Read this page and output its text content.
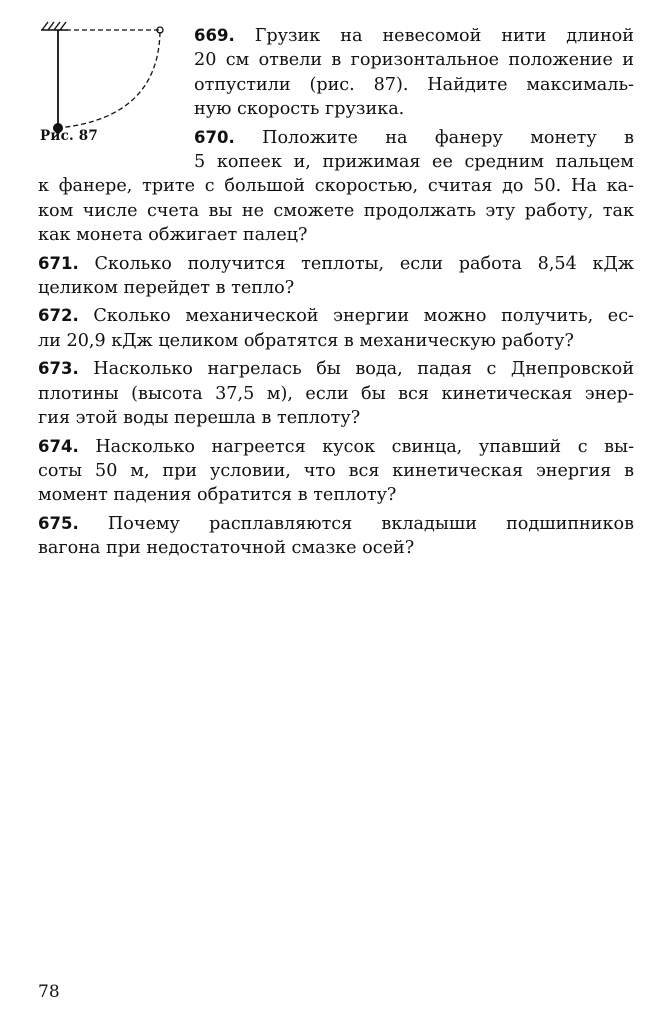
Рис. 87
669. Грузик на невесомой нити длиной
20 см отвели в горизонтальное положение и
отпустили (рис. 87). Найдите максималь-
ную скорость грузика.
670. Положите на фанеру монету в
5 копеек и, прижимая ее средним пальцем
к фанере, трите с большой скоростью, считая до 50. На ка-
ком числе счета вы не сможете продолжать эту работу, так
как монета обжигает палец?
671. Сколько получится теплоты, если работа 8,54 кДж
целиком перейдет в тепло?
672. Сколько механической энергии можно получить, ес-
ли 20,9 кДж целиком обратятся в механическую работу?
673. Насколько нагрелась бы вода, падая с Днепровской
плотины (высота 37,5 м), если бы вся кинетическая энер-
гия этой воды перешла в теплоту?
674. Насколько нагреется кусок свинца, упавший с вы-
соты 50 м, при условии, что вся кинетическая энергия в
момент падения обратится в теплоту?
675. Почему расплавляются вкладыши подшипников
вагона при недостаточной смазке осей?
78
